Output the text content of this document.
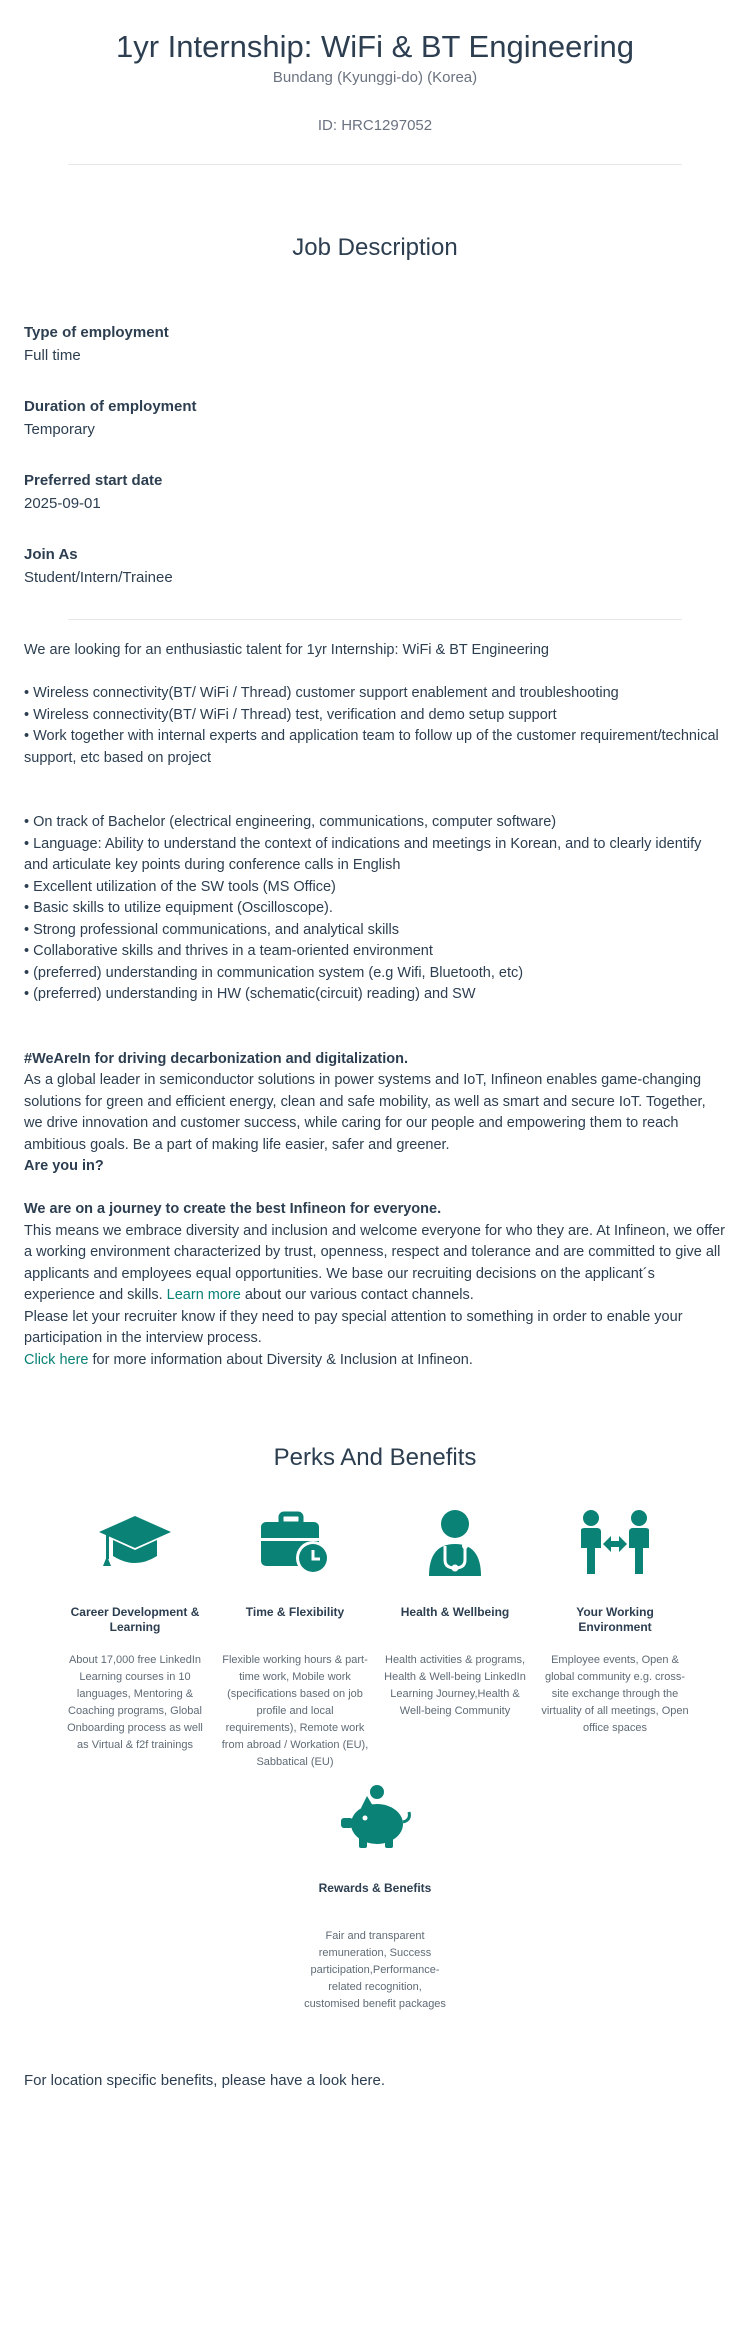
1yr Internship: WiFi & BT Engineering
Bundang (Kyunggi-do) (Korea)
ID: HRC1297052
Job Description
Type of employment
Full time
Duration of employment
Temporary
Preferred start date
2025-09-01
Join As
Student/Intern/Trainee

We are looking for an enthusiastic talent for 1yr Internship: WiFi & BT Engineering

• Wireless connectivity(BT/ WiFi / Thread) customer support enablement and troubleshooting

• Wireless connectivity(BT/ WiFi / Thread) test, verification and demo setup support

• Work together with internal experts and application team to follow up of the customer requirement/technical support, etc based on project

• On track of Bachelor (electrical engineering, communications, computer software)

• Language: Ability to understand the context of indications and meetings in Korean, and to clearly identify and articulate key points during conference calls in English

• Excellent utilization of the SW tools (MS Office)

• Basic skills to utilize equipment (Oscilloscope).

• Strong professional communications, and analytical skills

• Collaborative skills and thrives in a team-oriented environment

• (preferred) understanding in communication system (e.g Wifi, Bluetooth, etc)

• (preferred) understanding in HW (schematic(circuit) reading) and SW

#WeAreIn for driving decarbonization and digitalization.

As a global leader in semiconductor solutions in power systems and IoT, Infineon enables game-changing solutions for green and efficient energy, clean and safe mobility, as well as smart and secure IoT. Together, we drive innovation and customer success, while caring for our people and empowering them to reach ambitious goals. Be a part of making life easier, safer and greener.

Are you in?

We are on a journey to create the best Infineon for everyone.

This means we embrace diversity and inclusion and welcome everyone for who they are. At Infineon, we offer a working environment characterized by trust, openness, respect and tolerance and are committed to give all applicants and employees equal opportunities. We base our recruiting decisions on the applicant´s experience and skills. Learn more about our various contact channels.

Please let your recruiter know if they need to pay special attention to something in order to enable your participation in the interview process.

Click here for more information about Diversity & Inclusion at Infineon.

Perks And Benefits
Career Development & Learning
About 17,000 free LinkedIn Learning courses in 10 languages, Mentoring & Coaching programs, Global Onboarding process as well as Virtual & f2f trainings
Time & Flexibility
Flexible working hours & part-time work, Mobile work (specifications based on job profile and local requirements), Remote work from abroad / Workation (EU), Sabbatical (EU)
Health & Wellbeing
Health activities & programs, Health & Well-being LinkedIn Learning Journey,Health & Well-being Community
Your Working Environment
Employee events, Open & global community e.g. cross-site exchange through the virtuality of all meetings, Open office spaces
Rewards & Benefits
Fair and transparent remuneration, Success participation,Performance-related recognition, customised benefit packages

For location specific benefits, please have a look here.
